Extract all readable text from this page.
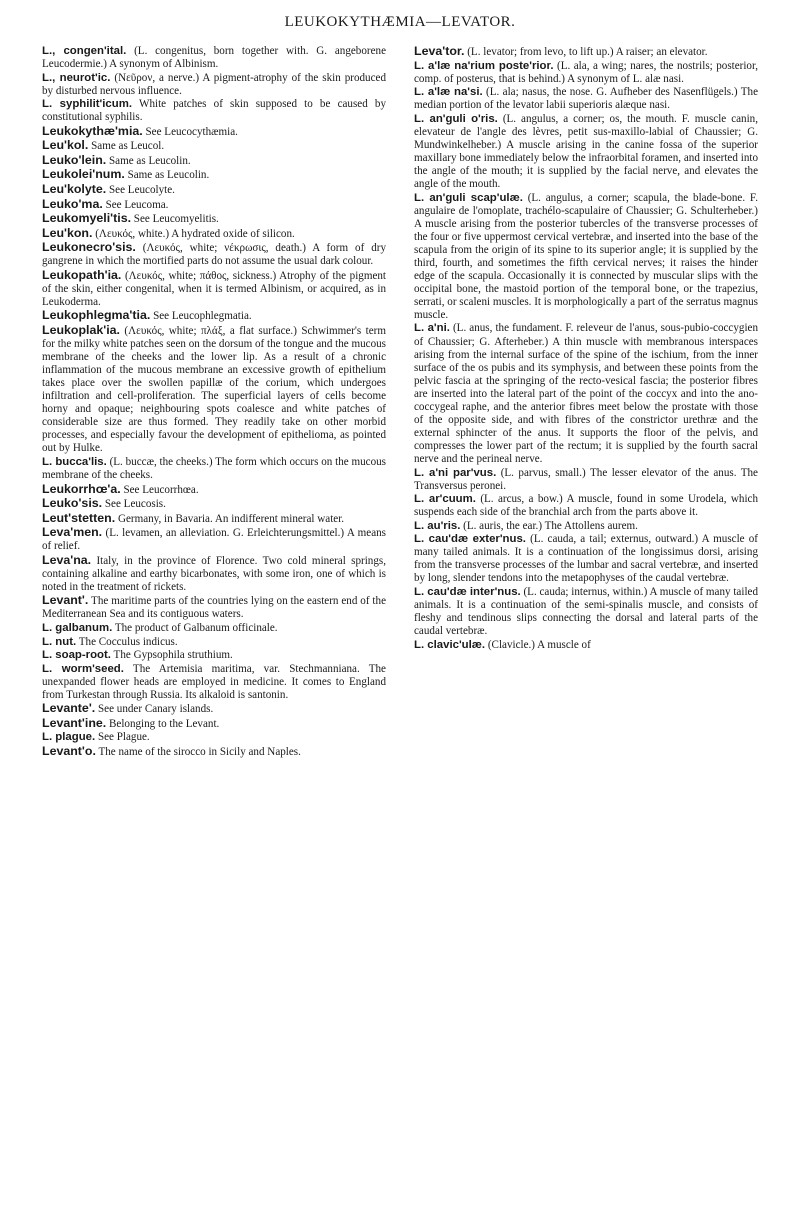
LEUKOKYTHÆMIA—LEVATOR.

L., congen'ital. (L. congenitus, born together with. G. angeborene Leucodermie.) A synonym of Albinism.

L., neurot'ic. (Νεῦρον, a nerve.) A pigment-atrophy of the skin produced by disturbed nervous influence.

L. syphilit'icum. White patches of skin supposed to be caused by constitutional syphilis.

Leukokythæ'mia. See Leucocythæmia.

Leu'kol. Same as Leucol.

Leuko'lein. Same as Leucolin.

Leukolei'num. Same as Leucolin.

Leu'kolyte. See Leucolyte.

Leuko'ma. See Leucoma.

Leukomyeli'tis. See Leucomyelitis.

Leu'kon. (Λευκός, white.) A hydrated oxide of silicon.

Leukonecro'sis. (Λευκός, white; νέκρωσις, death.) A form of dry gangrene in which the mortified parts do not assume the usual dark colour.

Leukopath'ia. (Λευκός, white; πάθος, sickness.) Atrophy of the pigment of the skin, either congenital, when it is termed Albinism, or acquired, as in Leukoderma.

Leukophlegma'tia. See Leucophlegmatia.

Leukoplak'ia. (Λευκός, white; πλάξ, a flat surface.) Schwimmer's term for the milky white patches seen on the dorsum of the tongue and the mucous membrane of the cheeks and the lower lip. As a result of a chronic inflammation of the mucous membrane an excessive growth of epithelium takes place over the swollen papillæ of the corium, which undergoes infiltration and cell-proliferation. The superficial layers of cells become horny and opaque; neighbouring spots coalesce and white patches of considerable size are thus formed. They readily take on other morbid processes, and especially favour the development of epithelioma, as pointed out by Hulke.

L. bucca'lis. (L. buccæ, the cheeks.) The form which occurs on the mucous membrane of the cheeks.

Leukorrhœ'a. See Leucorrhœa.

Leuko'sis. See Leucosis.

Leut'stetten. Germany, in Bavaria. An indifferent mineral water.

Leva'men. (L. levamen, an alleviation. G. Erleichterungsmittel.) A means of relief.

Leva'na. Italy, in the province of Florence. Two cold mineral springs, containing alkaline and earthy bicarbonates, with some iron, one of which is noted in the treatment of rickets.

Levant'. The maritime parts of the countries lying on the eastern end of the Mediterranean Sea and its contiguous waters.

L. galbanum. The product of Galbanum officinale.

L. nut. The Cocculus indicus.

L. soap-root. The Gypsophila struthium.

L. worm'seed. The Artemisia maritima, var. Stechmanniana. The unexpanded flower heads are employed in medicine. It comes to England from Turkestan through Russia. Its alkaloid is santonin.

Levante'. See under Canary islands.

Levant'ine. Belonging to the Levant.

L. plague. See Plague.

Levant'o. The name of the sirocco in Sicily and Naples.

Leva'tor. (L. levator; from levo, to lift up.) A raiser; an elevator.

L. a'læ na'rium poste'rior. (L. ala, a wing; nares, the nostrils; posterior, comp. of posterus, that is behind.) A synonym of L. alæ nasi.

L. a'læ na'si. (L. ala; nasus, the nose. G. Aufheber des Nasenflügels.) The median portion of the levator labii superioris alæque nasi.

L. an'guli o'ris. (L. angulus, a corner; os, the mouth. F. muscle canin, elevateur de l'angle des lèvres, petit sus-maxillo-labial of Chaussier; G. Mundwinkelheber.) A muscle arising in the canine fossa of the superior maxillary bone immediately below the infraorbital foramen, and inserted into the angle of the mouth; it is supplied by the facial nerve, and elevates the angle of the mouth.

L. an'guli scap'ulæ. (L. angulus, a corner; scapula, the blade-bone. F. angulaire de l'omoplate, trachélo-scapulaire of Chaussier; G. Schulterheber.) A muscle arising from the posterior tubercles of the transverse processes of the four or five uppermost cervical vertebræ, and inserted into the base of the scapula from the origin of its spine to its superior angle; it is supplied by the third, fourth, and sometimes the fifth cervical nerves; it raises the hinder edge of the scapula. Occasionally it is connected by muscular slips with the occipital bone, the mastoid portion of the temporal bone, or the trapezius, serrati, or scaleni muscles. It is morphologically a part of the serratus magnus muscle.

L. a'ni. (L. anus, the fundament. F. releveur de l'anus, sous-pubio-coccygien of Chaussier; G. Afterheber.) A thin muscle with membranous interspaces arising from the internal surface of the spine of the ischium, from the inner surface of the os pubis and its symphysis, and between these points from the pelvic fascia at the springing of the recto-vesical fascia; the posterior fibres are inserted into the lateral part of the point of the coccyx and into the ano-coccygeal raphe, and the anterior fibres meet below the prostate with those of the opposite side, and with fibres of the constrictor urethræ and the external sphincter of the anus. It supports the floor of the pelvis, and compresses the lower part of the rectum; it is supplied by the fourth sacral nerve and the perineal nerve.

L. a'ni par'vus. (L. parvus, small.) The lesser elevator of the anus. The Transversus peronei.

L. ar'cuum. (L. arcus, a bow.) A muscle, found in some Urodela, which suspends each side of the branchial arch from the parts above it.

L. au'ris. (L. auris, the ear.) The Attollens aurem.

L. cau'dæ exter'nus. (L. cauda, a tail; externus, outward.) A muscle of many tailed animals. It is a continuation of the longissimus dorsi, arising from the transverse processes of the lumbar and sacral vertebræ, and inserted by long, slender tendons into the metapophyses of the caudal vertebræ.

L. cau'dæ inter'nus. (L. cauda; internus, within.) A muscle of many tailed animals. It is a continuation of the semi-spinalis muscle, and consists of fleshy and tendinous slips connecting the dorsal and lateral parts of the caudal vertebræ.

L. clavic'ulæ. (Clavicle.) A muscle of
